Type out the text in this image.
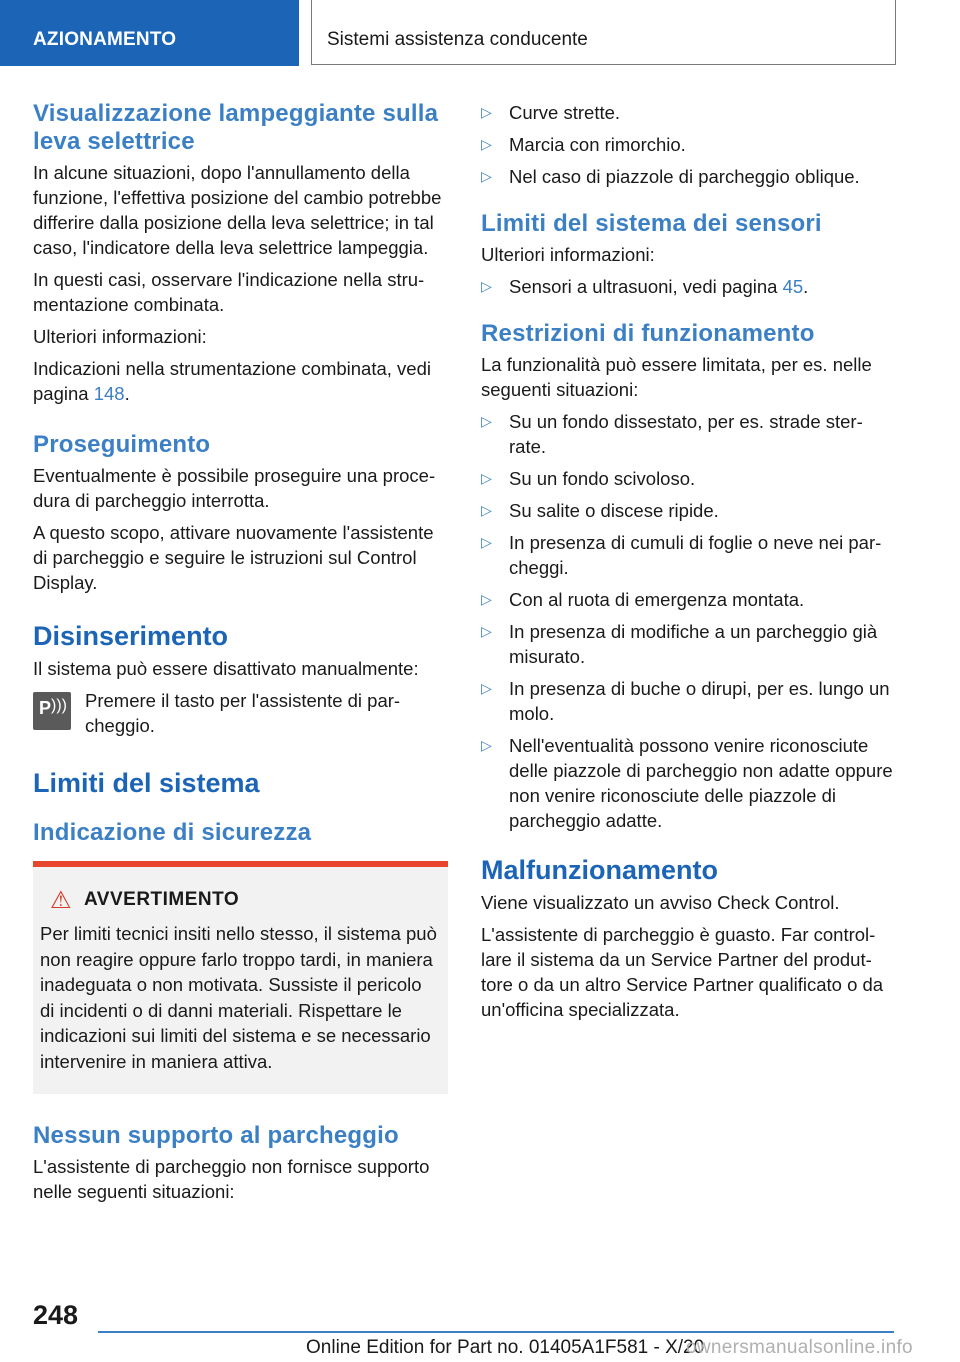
AZIONAMENTO	Sistemi assistenza conducente
Visualizzazione lampeggiante sulla leva selettrice

In alcune situazioni, dopo l'annullamento della funzione, l'effettiva posizione del cambio potrebbe differire dalla posizione della leva selettrice; in tal caso, l'indicatore della leva selettrice lampeggia.

In questi casi, osservare l'indicazione nella strumentazione combinata.

Ulteriori informazioni:

Indicazioni nella strumentazione combinata, vedi pagina 148.

Proseguimento

Eventualmente è possibile proseguire una procedura di parcheggio interrotta.

A questo scopo, attivare nuovamente l'assistente di parcheggio e seguire le istruzioni sul Control Display.

Disinserimento

Il sistema può essere disattivato manualmente:

P ))) Premere il tasto per l'assistente di parcheggio.

Limiti del sistema
Indicazione di sicurezza
⚠ AVVERTIMENTO

Per limiti tecnici insiti nello stesso, il sistema può non reagire oppure farlo troppo tardi, in maniera inadeguata o non motivata. Sussiste il pericolo di incidenti o di danni materiali. Rispettare le indicazioni sui limiti del sistema e se necessario intervenire in maniera attiva.

Nessun supporto al parcheggio

L'assistente di parcheggio non fornisce supporto nelle seguenti situazioni:

▷ Curve strette.
▷ Marcia con rimorchio.
▷ Nel caso di piazzole di parcheggio oblique.
Limiti del sistema dei sensori

Ulteriori informazioni:

▷ Sensori a ultrasuoni, vedi pagina 45.
Restrizioni di funzionamento

La funzionalità può essere limitata, per es. nelle seguenti situazioni:

▷ Su un fondo dissestato, per es. strade sterrate.
▷ Su un fondo scivoloso.
▷ Su salite o discese ripide.
▷ In presenza di cumuli di foglie o neve nei parcheggi.
▷ Con al ruota di emergenza montata.
▷ In presenza di modifiche a un parcheggio già misurato.
▷ In presenza di buche o dirupi, per es. lungo un molo.
▷ Nell'eventualità possono venire riconosciute delle piazzole di parcheggio non adatte oppure non venire riconosciute delle piazzole di parcheggio adatte.
Malfunzionamento

Viene visualizzato un avviso Check Control.

L'assistente di parcheggio è guasto. Far controllare il sistema da un Service Partner del produttore o da un altro Service Partner qualificato o da un'officina specializzata.

248
Online Edition for Part no. 01405A1F581 - X/20
ownersmanualsonline.info
